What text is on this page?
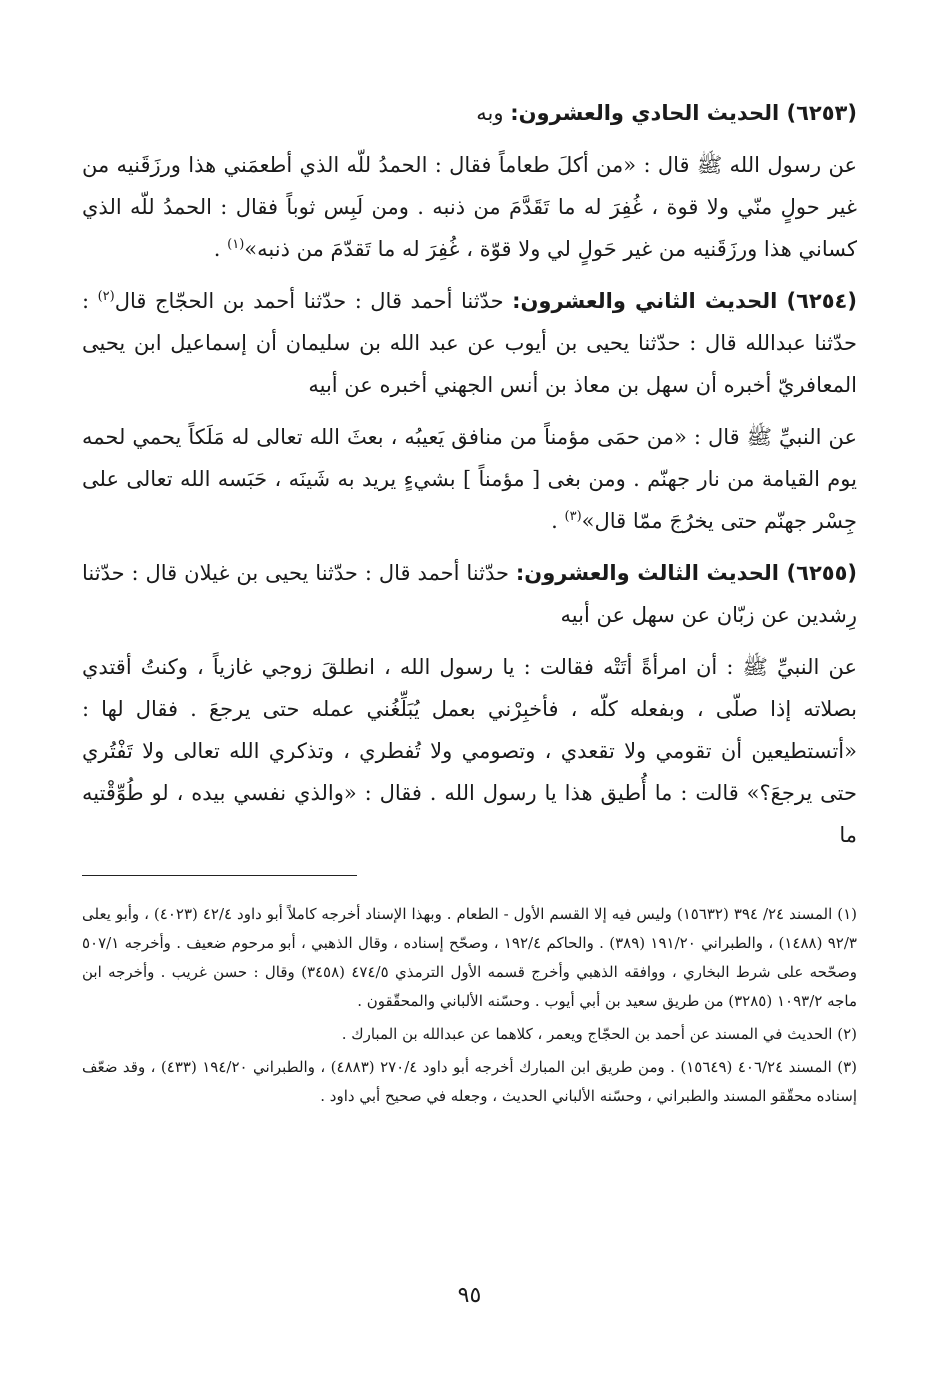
(٦٢٥٣) الحديث الحادي والعشرون: وبه

عن رسول الله ﷺ قال : «من أكلَ طعاماً فقال : الحمدُ للّه الذي أطعمَني هذا ورزَقَنيه من غير حولٍ منّي ولا قوة ، غُفِرَ له ما تَقَدَّمَ من ذنبه . ومن لَبِس ثوباً فقال : الحمدُ للّه الذي كساني هذا ورزَقَنيه من غير حَولٍ لي ولا قوّة ، غُفِرَ له ما تَقدّمَ من ذنبه»$^{(١)}$ .

(٦٢٥٤) الحديث الثاني والعشرون: حدّثنا أحمد قال : حدّثنا أحمد بن الحجّاج قال$^{(٢)}$ : حدّثنا عبدالله قال : حدّثنا يحيى بن أيوب عن عبد الله بن سليمان أن إسماعيل ابن يحيى المعافريّ أخبره أن سهل بن معاذ بن أنس الجهني أخبره عن أبيه

عن النبيِّ ﷺ قال : «من حمَى مؤمناً من منافق يَعيبُه ، بعثَ الله تعالى له مَلَكاً يحمي لحمه يوم القيامة من نار جهنّم . ومن بغى [ مؤمناً ] بشيءٍ يريد به شَينَه ، حَبَسه الله تعالى على جِسْر جهنّم حتى يخرُجَ ممّا قال»$^{(٣)}$ .

(٦٢٥٥) الحديث الثالث والعشرون: حدّثنا أحمد قال : حدّثنا يحيى بن غيلان قال : حدّثنا رِشدين عن زبّان عن سهل عن أبيه

عن النبيِّ ﷺ : أن امرأةً أتَتْه فقالت : يا رسول الله ، انطلقَ زوجي غازياً ، وكنتُ أقتدي بصلاته إذا صلّى ، وبفعله كلّه ، فأخبِرْني بعمل يُبَلِّغُني عمله حتى يرجعَ . فقال لها : «أتستطيعين أن تقومي ولا تقعدي ، وتصومي ولا تُفطري ، وتذكري الله تعالى ولا تَفْتُري حتى يرجعَ؟» قالت : ما أُطيق هذا يا رسول الله . فقال : «والذي نفسي بيده ، لو طُوِّقْتيه ما

(١) المسند ٢٤/ ٣٩٤ (١٥٦٣٢) وليس فيه إلا القسم الأول - الطعام . وبهذا الإسناد أخرجه كاملاً أبو داود ٤٢/٤ (٤٠٢٣) ، وأبو يعلى ٩٢/٣ (١٤٨٨) ، والطبراني ١٩١/٢٠ (٣٨٩) . والحاكم ١٩٢/٤ ، وصحّح إسناده ، وقال الذهبي ، أبو مرحوم ضعيف . وأخرجه ٥٠٧/١ وصحّحه على شرط البخاري ، ووافقه الذهبي وأخرج قسمه الأول الترمذي ٤٧٤/٥ (٣٤٥٨) وقال : حسن غريب . وأخرجه ابن ماجه ١٠٩٣/٢ (٣٢٨٥) من طريق سعيد بن أبي أيوب . وحسّنه الألباني والمحقّقون .

(٢) الحديث في المسند عن أحمد بن الحجّاج ويعمر ، كلاهما عن عبدالله بن المبارك .

(٣) المسند ٤٠٦/٢٤ (١٥٦٤٩) . ومن طريق ابن المبارك أخرجه أبو داود ٢٧٠/٤ (٤٨٨٣) ، والطبراني ١٩٤/٢٠ (٤٣٣) ، وقد ضعّف إسناده محقّقو المسند والطبراني ، وحسّنه الألباني الحديث ، وجعله في صحيح أبي داود .

٩٥
